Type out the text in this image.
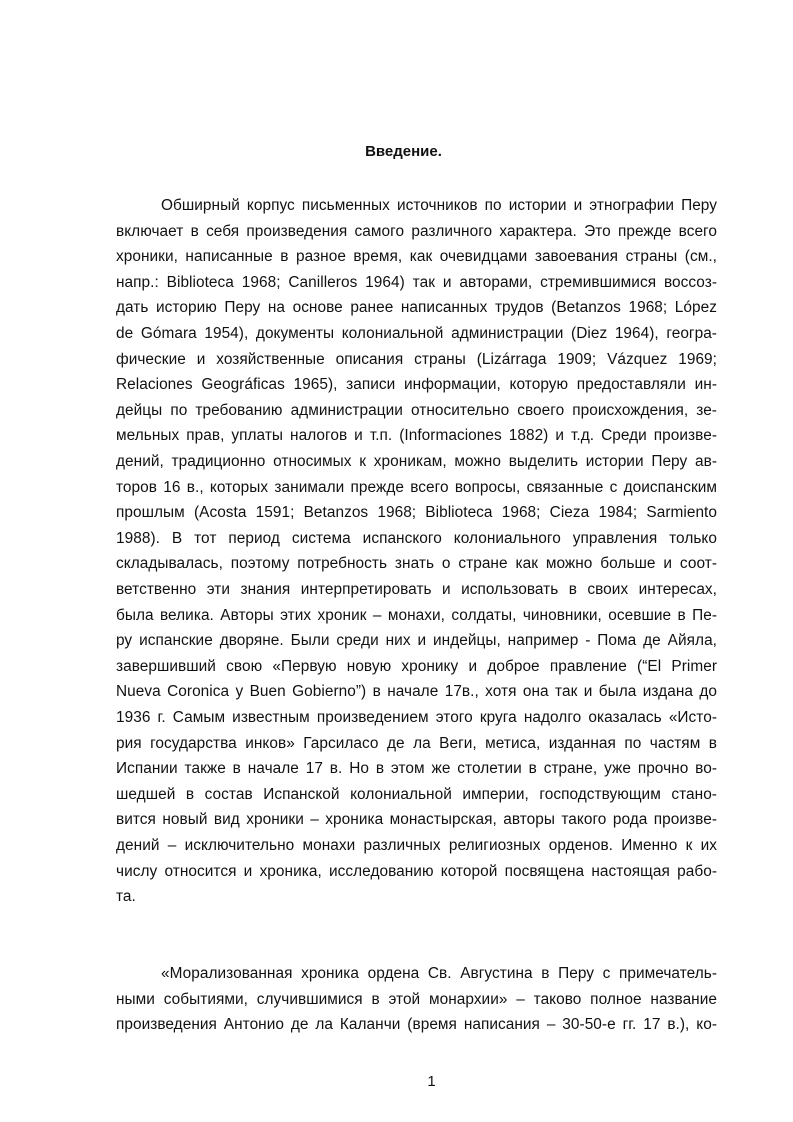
Введение.
Обширный корпус письменных источников по истории и этнографии Перу
включает в себя произведения самого различного характера. Это прежде всего
хроники, написанные в разное время, как очевидцами завоевания страны (см.,
напр.: Biblioteca 1968; Canilleros 1964) так и авторами, стремившимися воссоз-
дать историю Перу на основе ранее написанных трудов (Betanzos 1968; López
de Gómara 1954), документы колониальной администрации (Diez 1964), геогра-
фические и хозяйственные описания страны (Lizárraga 1909; Vázquez 1969;
Relaciones Geográficas 1965), записи информации, которую предоставляли ин-
дейцы по требованию администрации относительно своего происхождения, зе-
мельных прав, уплаты налогов и т.п. (Informaciones 1882) и т.д. Среди произве-
дений, традиционно относимых к хроникам, можно выделить истории Перу ав-
торов 16 в., которых занимали прежде всего вопросы, связанные с доиспанским
прошлым (Acosta 1591; Betanzos 1968; Biblioteca 1968; Cieza 1984; Sarmiento
1988). В тот период система испанского колониального управления только
складывалась, поэтому потребность знать о стране как можно больше и соот-
ветственно эти знания интерпретировать и использовать в своих интересах,
была велика. Авторы этих хроник – монахи, солдаты, чиновники, осевшие в Пе-
ру испанские дворяне. Были среди них и индейцы, например - Пома де Айяла,
завершивший свою «Первую новую хронику и доброе правление (“El Primer
Nueva Coronica y Buen Gobierno”) в начале 17в., хотя она так и была издана до
1936 г. Самым известным произведением этого круга надолго оказалась «Исто-
рия государства инков» Гарсиласо де ла Веги, метиса, изданная по частям в
Испании также в начале 17 в. Но в этом же столетии в стране, уже прочно во-
шедшей в состав Испанской колониальной империи, господствующим стано-
вится новый вид хроники – хроника монастырская, авторы такого рода произве-
дений – исключительно монахи различных религиозных орденов. Именно к их
числу относится и хроника, исследованию которой посвящена настоящая рабо-
та.
«Морализованная хроника ордена Св. Августина в Перу с примечатель-
ными событиями, случившимися в этой монархии» – таково полное название
произведения Антонио де ла Каланчи (время написания – 30-50-е гг. 17 в.), ко-
1
